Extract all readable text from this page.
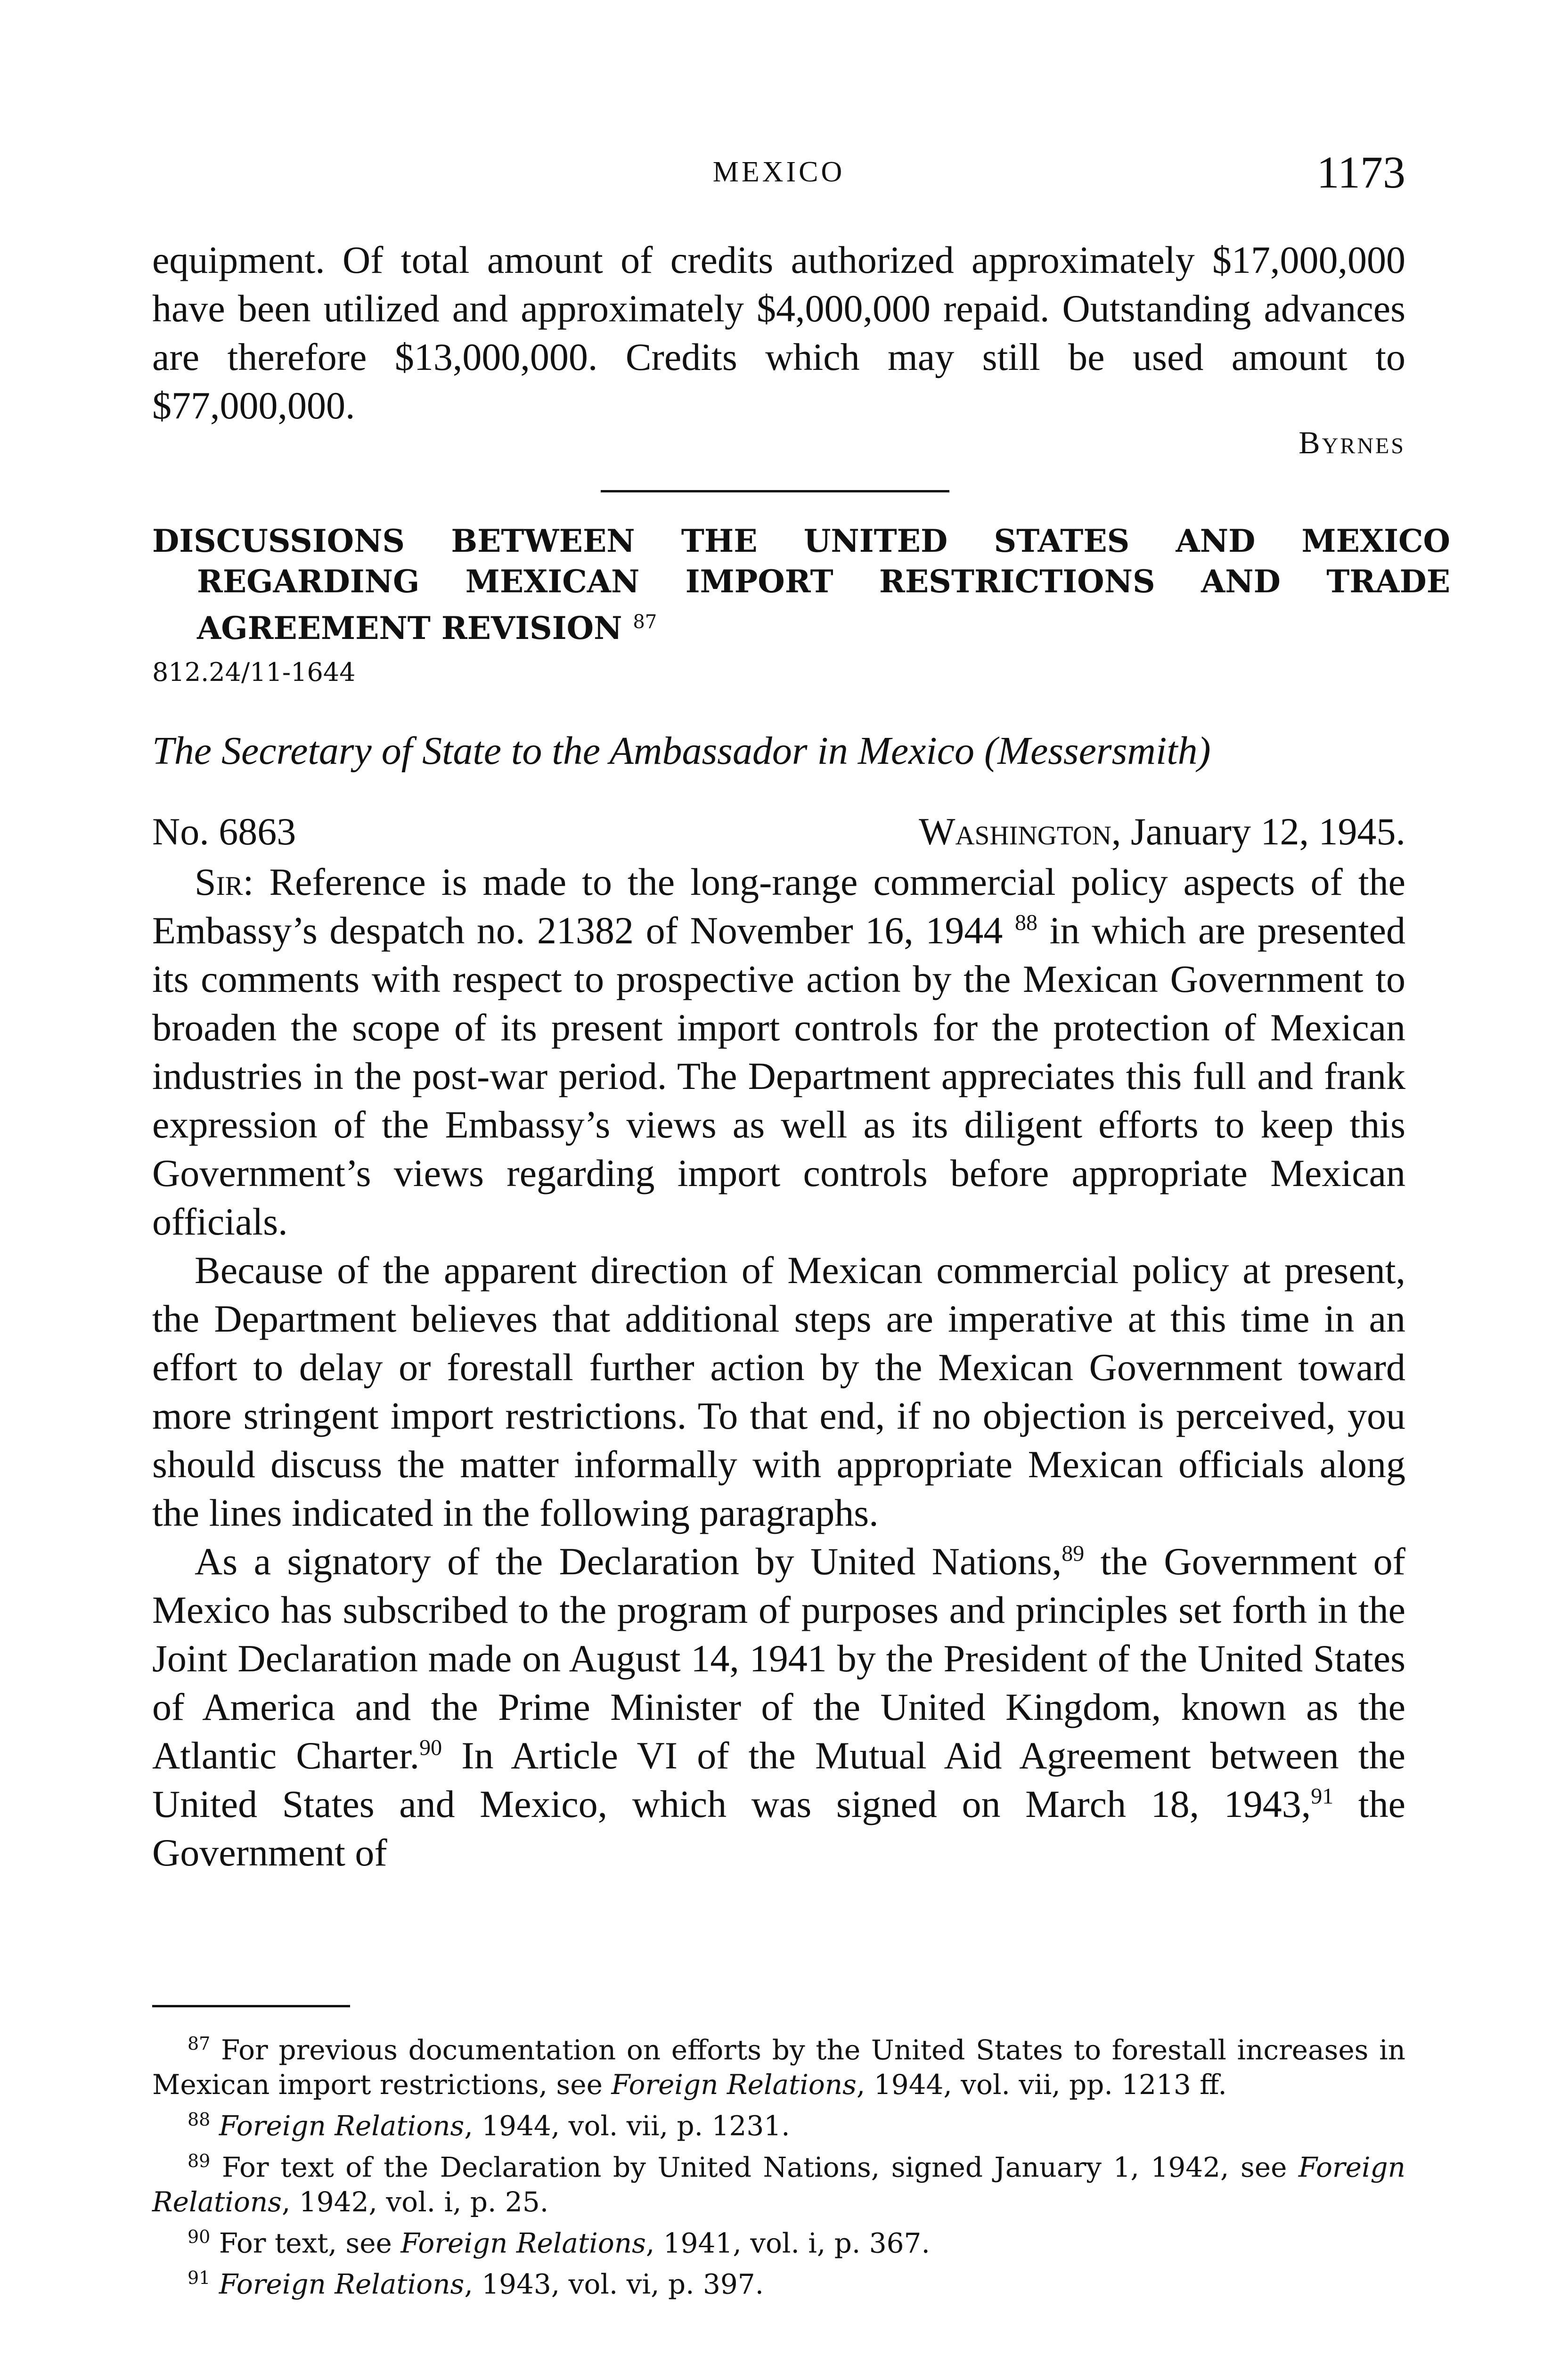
MEXICO	1173

equipment. Of total amount of credits authorized approximately $17,000,000 have been utilized and approximately $4,000,000 repaid. Outstanding advances are therefore $13,000,000. Credits which may still be used amount to $77,000,000.

Byrnes

DISCUSSIONS BETWEEN THE UNITED STATES AND MEXICO REGARDING MEXICAN IMPORT RESTRICTIONS AND TRADE AGREEMENT REVISION $^{87}$

812.24/11-1644
The Secretary of State to the Ambassador in Mexico (Messersmith)
No. 6863	Washington, January 12, 1945.

Sir: Reference is made to the long-range commercial policy aspects of the Embassy’s despatch no. 21382 of November 16, 1944 $^{88}$ in which are presented its comments with respect to prospective action by the Mexican Government to broaden the scope of its present import controls for the protection of Mexican industries in the post-war period. The Department appreciates this full and frank expression of the Embassy’s views as well as its diligent efforts to keep this Government’s views regarding import controls before appropriate Mexican officials.

Because of the apparent direction of Mexican commercial policy at present, the Department believes that additional steps are imperative at this time in an effort to delay or forestall further action by the Mexican Government toward more stringent import restrictions. To that end, if no objection is perceived, you should discuss the matter informally with appropriate Mexican officials along the lines indicated in the following paragraphs.

As a signatory of the Declaration by United Nations,$^{89}$ the Government of Mexico has subscribed to the program of purposes and principles set forth in the Joint Declaration made on August 14, 1941 by the President of the United States of America and the Prime Minister of the United Kingdom, known as the Atlantic Charter.$^{90}$ In Article VI of the Mutual Aid Agreement between the United States and Mexico, which was signed on March 18, 1943,91 the Government of

$^{87}$ For previous documentation on efforts by the United States to forestall increases in Mexican import restrictions, see Foreign Relations, 1944, vol. vii, pp. 1213 ff.

$^{88}$ Foreign Relations, 1944, vol. vii, p. 1231.

$^{89}$ For text of the Declaration by United Nations, signed January 1, 1942, see Foreign Relations, 1942, vol. i, p. 25.

$^{90}$ For text, see Foreign Relations, 1941, vol. i, p. 367.

$^{91}$ Foreign Relations, 1943, vol. vi, p. 397.
